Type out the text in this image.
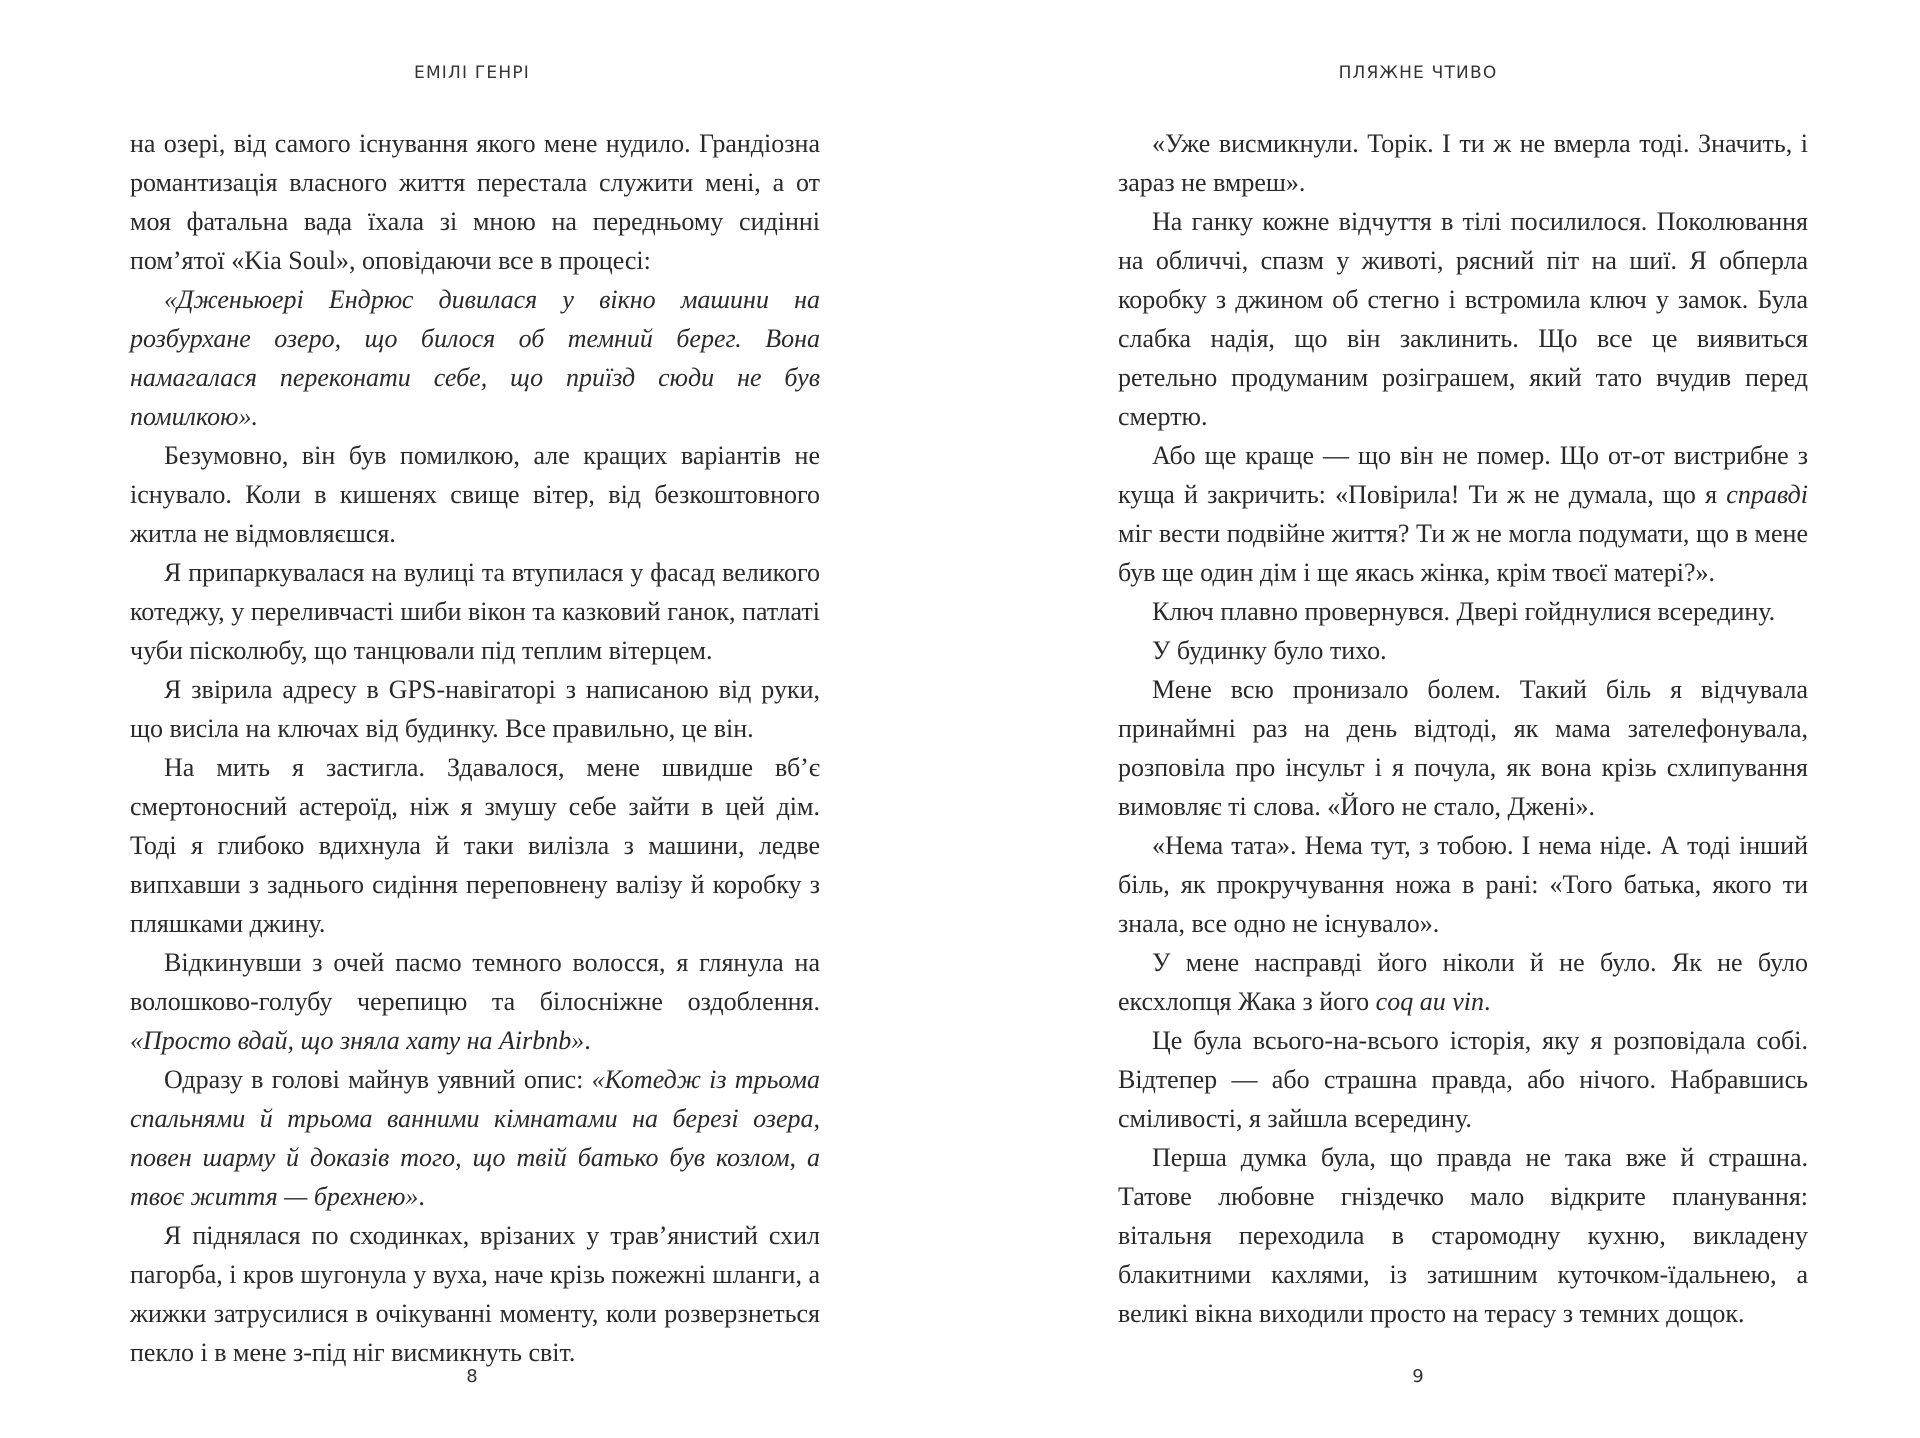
ЕМІЛІ ГЕНРІ

на озері, від самого існування якого мене нудило. Грандіозна романтизація власного життя перестала служити мені, а от моя фатальна вада їхала зі мною на передньому сидінні пом’ятої «Kia Soul», оповідаючи все в процесі:

«Дженьюері Ендрюс дивилася у вікно машини на розбурхане озеро, що билося об темний берег. Вона намагалася переконати себе, що приїзд сюди не був помилкою».

Безумовно, він був помилкою, але кращих варіантів не існувало. Коли в кишенях свище вітер, від безкоштовного житла не відмовляєшся.

Я припаркувалася на вулиці та втупилася у фасад великого котеджу, у переливчасті шиби вікон та казковий ганок, патлаті чуби пісколюбу, що танцювали під теплим вітерцем.

Я звірила адресу в GPS-навігаторі з написаною від руки, що висіла на ключах від будинку. Все правильно, це він.

На мить я застигла. Здавалося, мене швидше вб’є смертоносний астероїд, ніж я змушу себе зайти в цей дім. Тоді я глибоко вдихнула й таки вилізла з машини, ледве випхавши з заднього сидіння переповнену валізу й коробку з пляшками джину.

Відкинувши з очей пасмо темного волосся, я глянула на волошково-голубу черепицю та білосніжне оздоблення. «Просто вдай, що зняла хату на Airbnb».

Одразу в голові майнув уявний опис: «Котедж із трьома спальнями й трьома ванними кімнатами на березі озера, повен шарму й доказів того, що твій батько був козлом, а твоє життя — брехнею».

Я піднялася по сходинках, врізаних у трав’янистий схил пагорба, і кров шугонула у вуха, наче крізь пожежні шланги, а жижки затрусилися в очікуванні моменту, коли розверзнеться пекло і в мене з-під ніг висмикнуть світ.

8
ПЛЯЖНЕ ЧТИВО

«Уже висмикнули. Торік. І ти ж не вмерла тоді. Значить, і зараз не вмреш».

На ганку кожне відчуття в тілі посилилося. Поколювання на обличчі, спазм у животі, рясний піт на шиї. Я обперла коробку з джином об стегно і встромила ключ у замок. Була слабка надія, що він заклинить. Що все це виявиться ретельно продуманим розіграшем, який тато вчудив перед смертю.

Або ще краще — що він не помер. Що от-от вистрибне з куща й закричить: «Повірила! Ти ж не думала, що я справді міг вести подвійне життя? Ти ж не могла подумати, що в мене був ще один дім і ще якась жінка, крім твоєї матері?».

Ключ плавно провернувся. Двері гойднулися всередину.

У будинку було тихо.

Мене всю пронизало болем. Такий біль я відчувала принаймні раз на день відтоді, як мама зателефонувала, розповіла про інсульт і я почула, як вона крізь схлипування вимовляє ті слова. «Його не стало, Джені».

«Нема тата». Нема тут, з тобою. І нема ніде. А тоді інший біль, як прокручування ножа в рані: «Того батька, якого ти знала, все одно не існувало».

У мене насправді його ніколи й не було. Як не було ексхлопця Жака з його coq au vin.

Це була всього-на-всього історія, яку я розповідала собі. Відтепер — або страшна правда, або нічого. Набравшись сміливості, я зайшла всередину.

Перша думка була, що правда не така вже й страшна. Татове любовне гніздечко мало відкрите планування: вітальня переходила в старомодну кухню, викладену блакитними кахлями, із затишним куточком-їдальнею, а великі вікна виходили просто на терасу з темних дощок.

9
